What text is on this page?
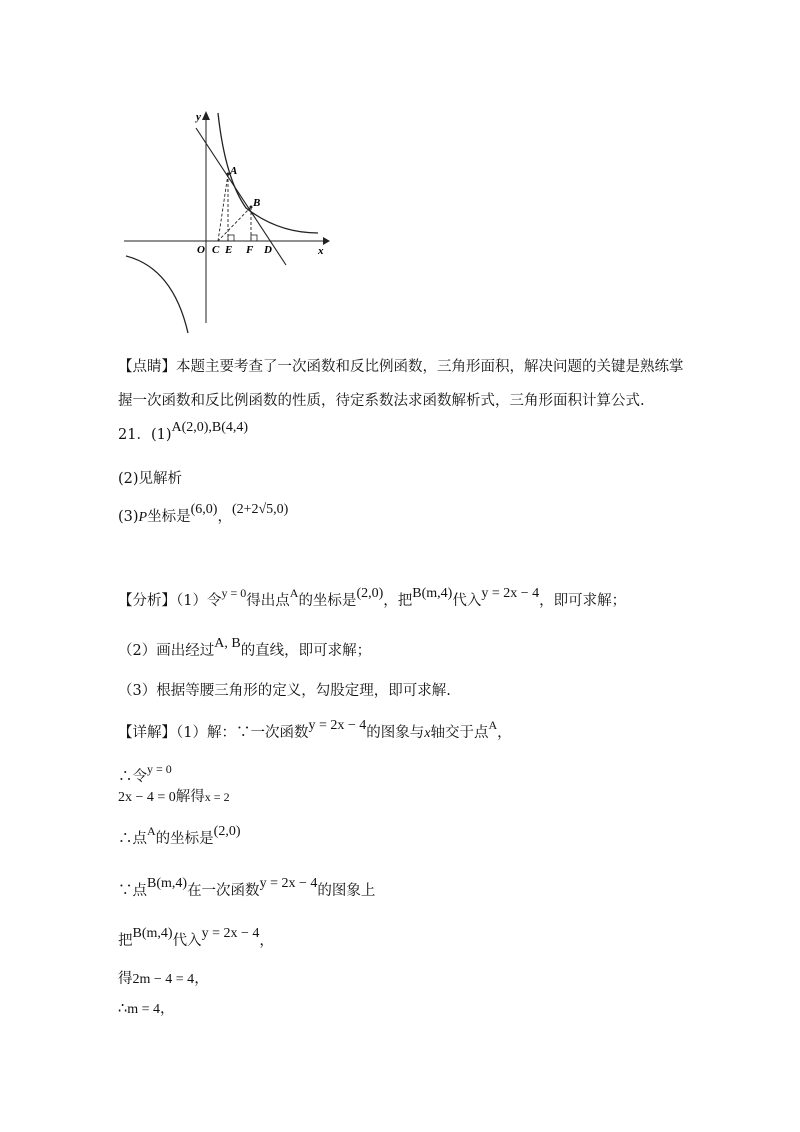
y
x
A
B
O C E F D
【点睛】本题主要考查了一次函数和反比例函数，三角形面积，解决问题的关键是熟练掌
握一次函数和反比例函数的性质，待定系数法求函数解析式，三角形面积计算公式.
21．(1)A(2,0),B(4,4)
(2)见解析
(3)P坐标是(6,0)，(2+2√5,0)
【分析】（1）令$^{y = 0}$得出点$^A$的坐标是(2,0)，把B(m,4)代入y = 2x − 4，即可求解；
（2）画出经过A, B的直线，即可求解；
（3）根据等腰三角形的定义，勾股定理，即可求解.
【详解】（1）解：∵一次函数y = 2x − 4的图象与x轴交于点$^A$，
∴令$^{y = 0}$
2x − 4 = 0解得x = 2
∴点$^A$的坐标是(2,0)
∵点B(m,4)在一次函数y = 2x − 4的图象上
把B(m,4)代入y = 2x − 4，
得2m − 4 = 4，
∴m = 4，
